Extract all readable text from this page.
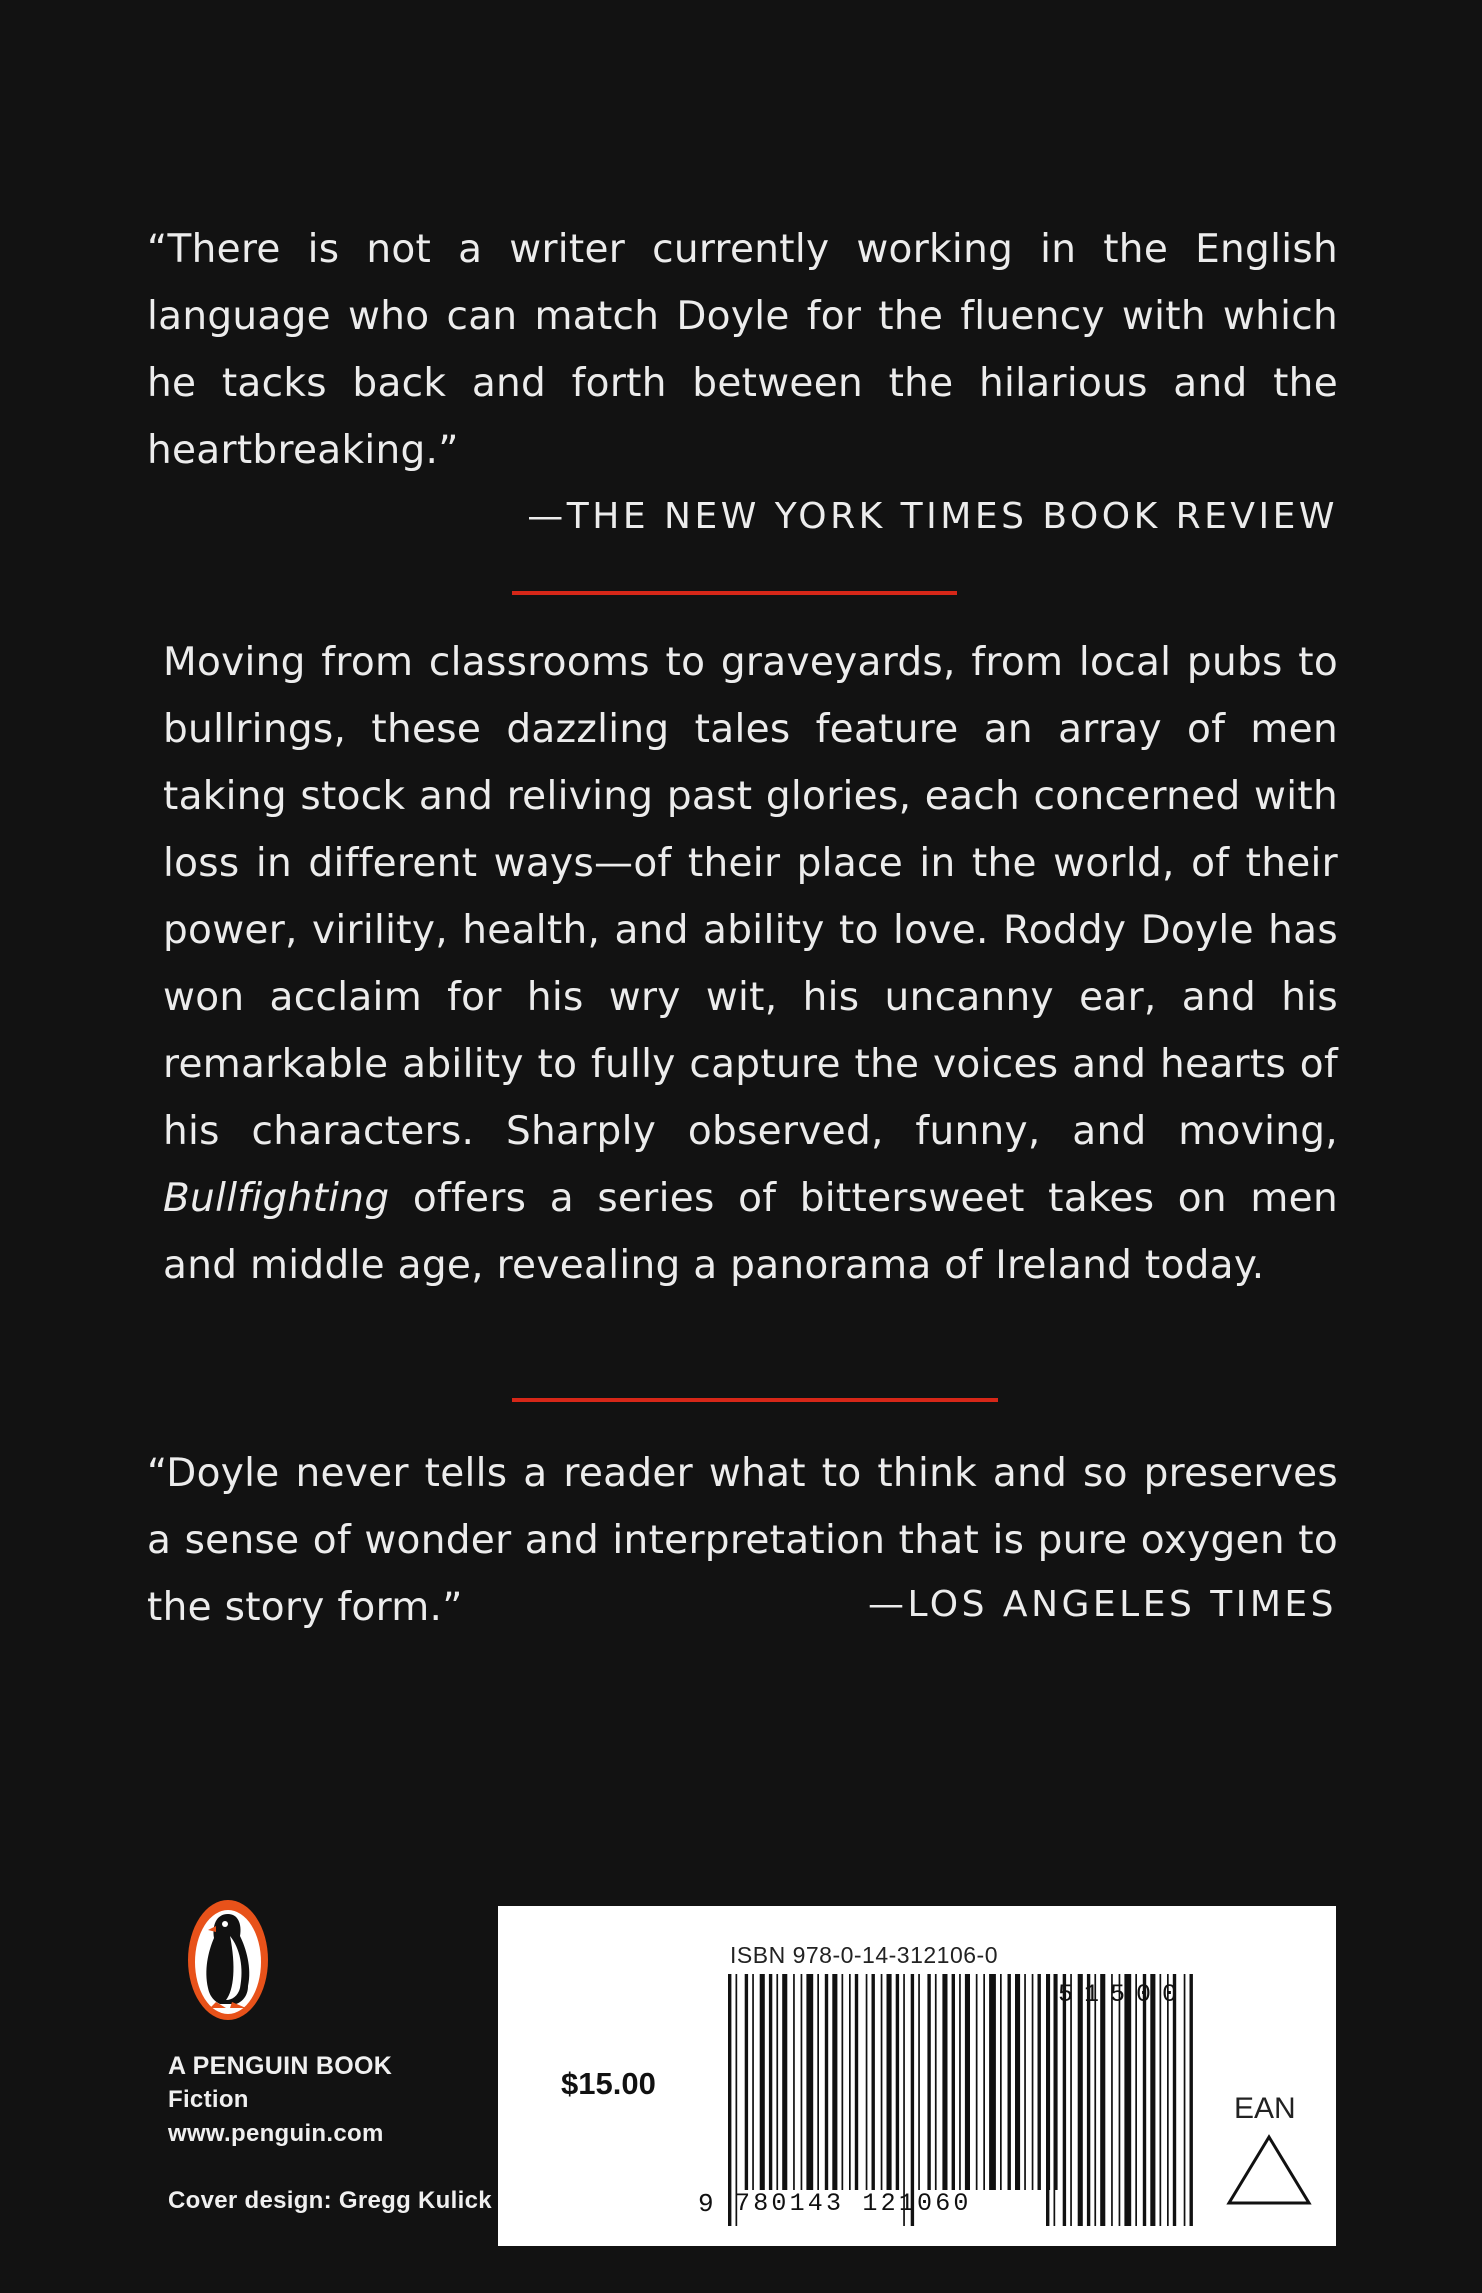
“There is not a writer currently working in the English language who can match Doyle for the fluency with which he tacks back and forth between the hilarious and the heartbreaking.”

—THE NEW YORK TIMES BOOK REVIEW

Moving from classrooms to graveyards, from local pubs to bullrings, these dazzling tales feature an array of men taking stock and reliving past glories, each concerned with loss in different ways—of their place in the world, of their power, virility, health, and ability to love. Roddy Doyle has won acclaim for his wry wit, his uncanny ear, and his remarkable ability to fully capture the voices and hearts of his characters. Sharply observed, funny, and moving, Bullfighting offers a series of bittersweet takes on men and middle age, revealing a panorama of Ireland today.

“Doyle never tells a reader what to think and so preserves a sense of wonder and interpretation that is pure oxygen to the story form.”	—LOS ANGELES TIMES
A PENGUIN BOOK
Fiction
www.penguin.com
Cover design: Gregg Kulick
$15.00
ISBN 978-0-14-312106-0
9 780143 121060
51500
EAN
